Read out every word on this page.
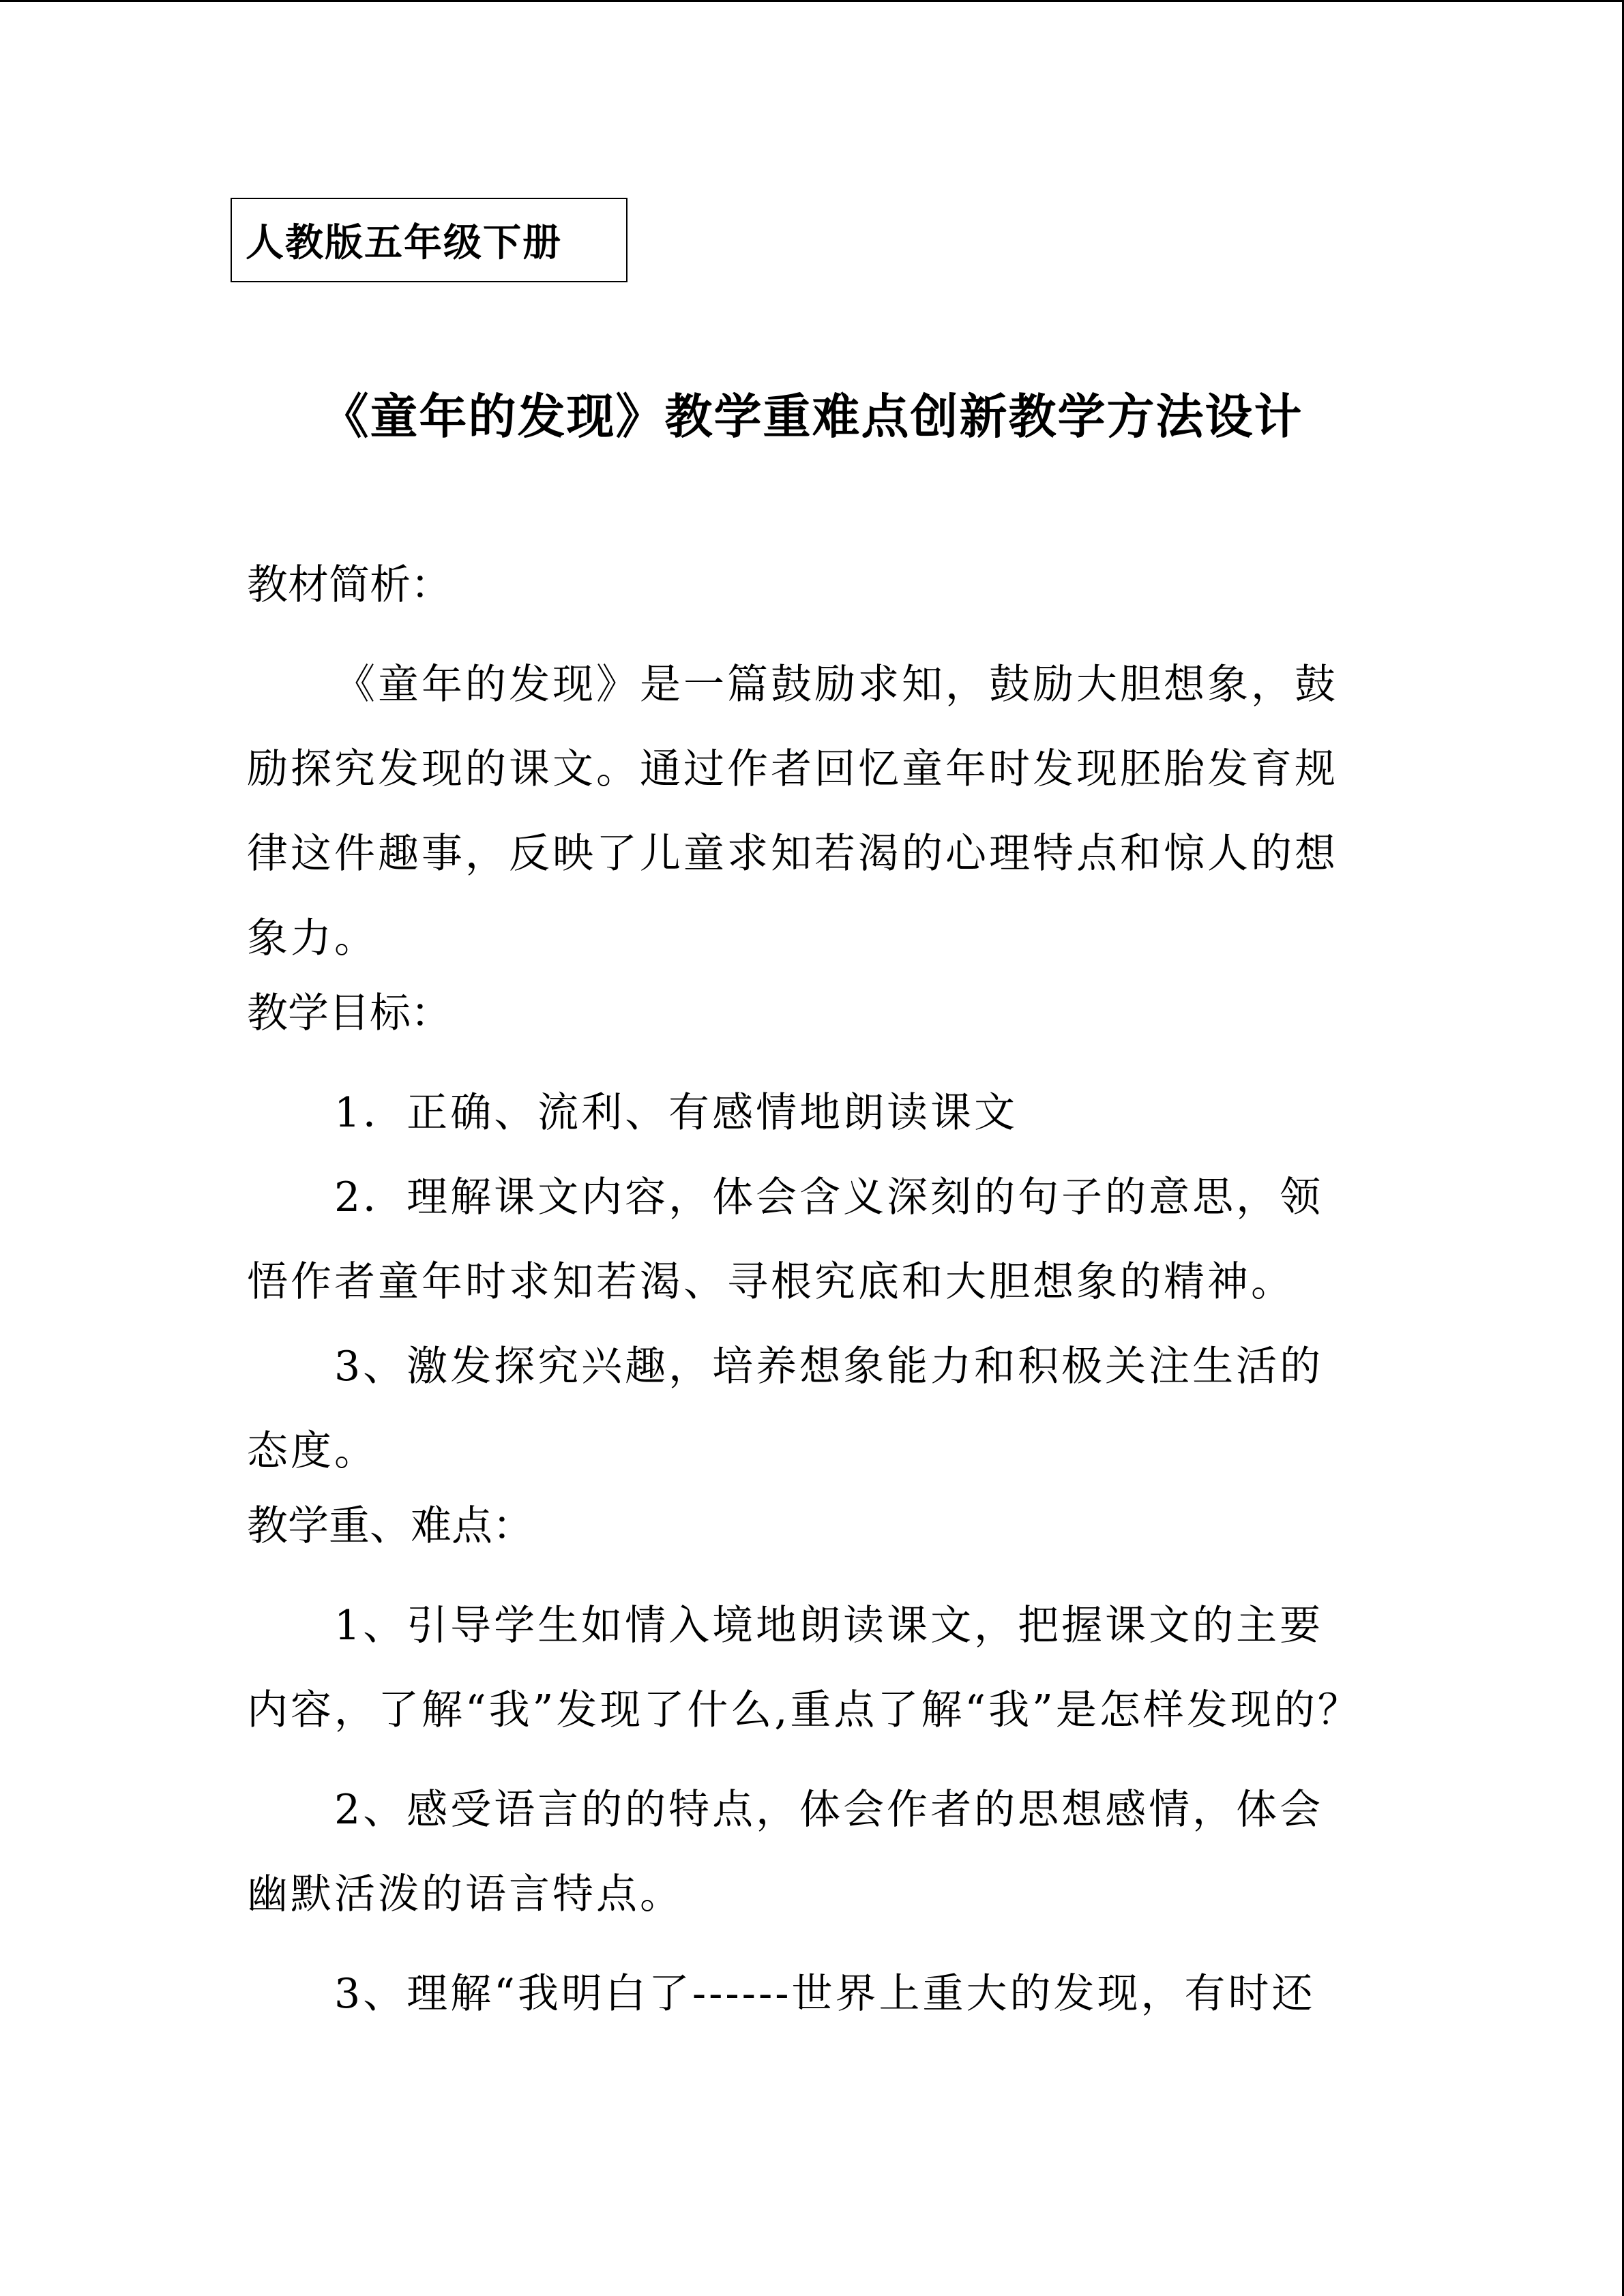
人教版五年级下册
《童年的发现》教学重难点创新教学方法设计

教材简析：

《童年的发现》是一篇鼓励求知，鼓励大胆想象，鼓励探究发现的课文。通过作者回忆童年时发现胚胎发育规律这件趣事，反映了儿童求知若渴的心理特点和惊人的想象力。

教学目标：

1．正确、流利、有感情地朗读课文

2．理解课文内容，体会含义深刻的句子的意思，领悟作者童年时求知若渴、寻根究底和大胆想象的精神。

3、激发探究兴趣，培养想象能力和积极关注生活的态度。

教学重、难点：

1、引导学生如情入境地朗读课文，把握课文的主要内容，了解“我”发现了什么,重点了解“我”是怎样发现的？

2、感受语言的的特点，体会作者的思想感情，体会幽默活泼的语言特点。

3、理解“我明白了------世界上重大的发现，有时还
